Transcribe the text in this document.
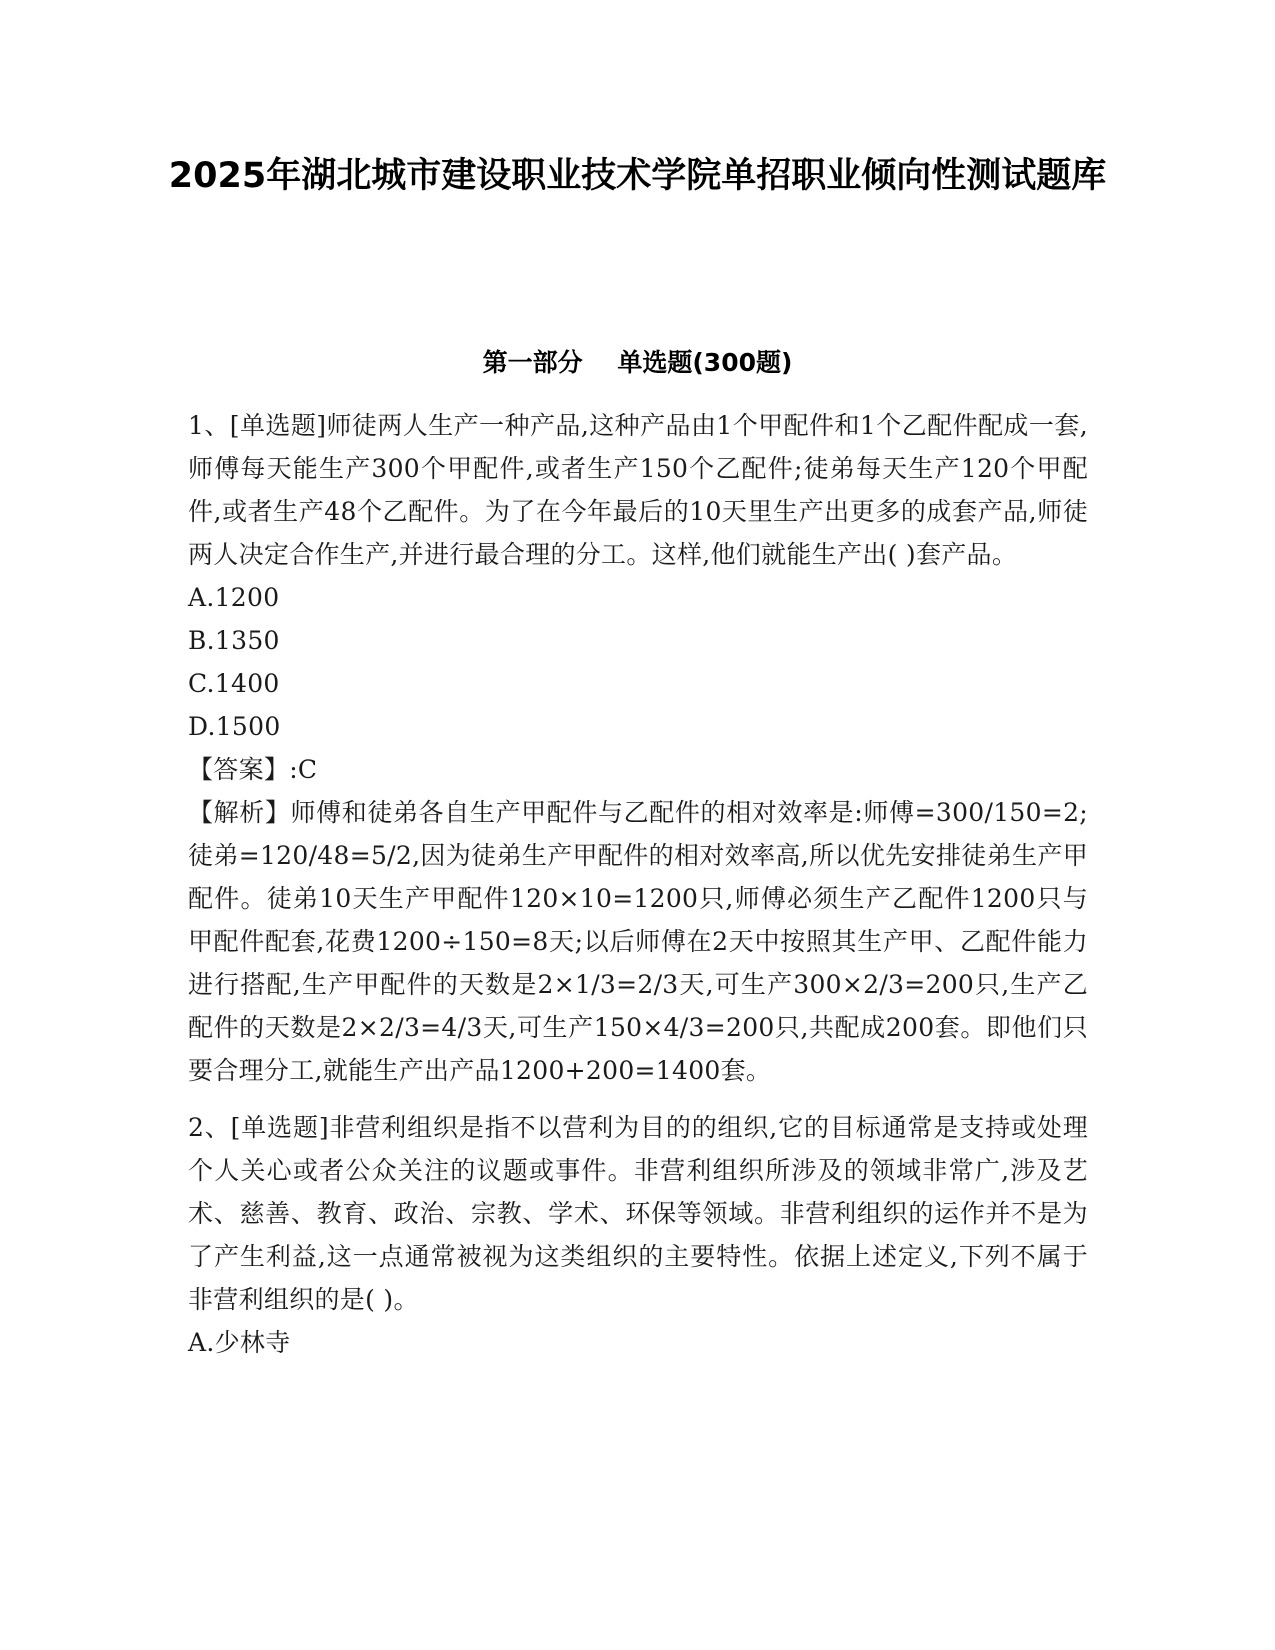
2025年湖北城市建设职业技术学院单招职业倾向性测试题库
第一部分    单选题(300题)

1、[单选题]师徒两人生产一种产品,这种产品由1个甲配件和1个乙配件配成一套,师傅每天能生产300个甲配件,或者生产150个乙配件;徒弟每天生产120个甲配件,或者生产48个乙配件。为了在今年最后的10天里生产出更多的成套产品,师徒两人决定合作生产,并进行最合理的分工。这样,他们就能生产出( )套产品。

A.1200

B.1350

C.1400

D.1500

【答案】:C

【解析】师傅和徒弟各自生产甲配件与乙配件的相对效率是:师傅=300/150=2;徒弟=120/48=5/2,因为徒弟生产甲配件的相对效率高,所以优先安排徒弟生产甲配件。徒弟10天生产甲配件120×10=1200只,师傅必须生产乙配件1200只与甲配件配套,花费1200÷150=8天;以后师傅在2天中按照其生产甲、乙配件能力进行搭配,生产甲配件的天数是2×1/3=2/3天,可生产300×2/3=200只,生产乙配件的天数是2×2/3=4/3天,可生产150×4/3=200只,共配成200套。即他们只要合理分工,就能生产出产品1200+200=1400套。

2、[单选题]非营利组织是指不以营利为目的的组织,它的目标通常是支持或处理个人关心或者公众关注的议题或事件。非营利组织所涉及的领域非常广,涉及艺术、慈善、教育、政治、宗教、学术、环保等领域。非营利组织的运作并不是为了产生利益,这一点通常被视为这类组织的主要特性。依据上述定义,下列不属于非营利组织的是( )。

A.少林寺
